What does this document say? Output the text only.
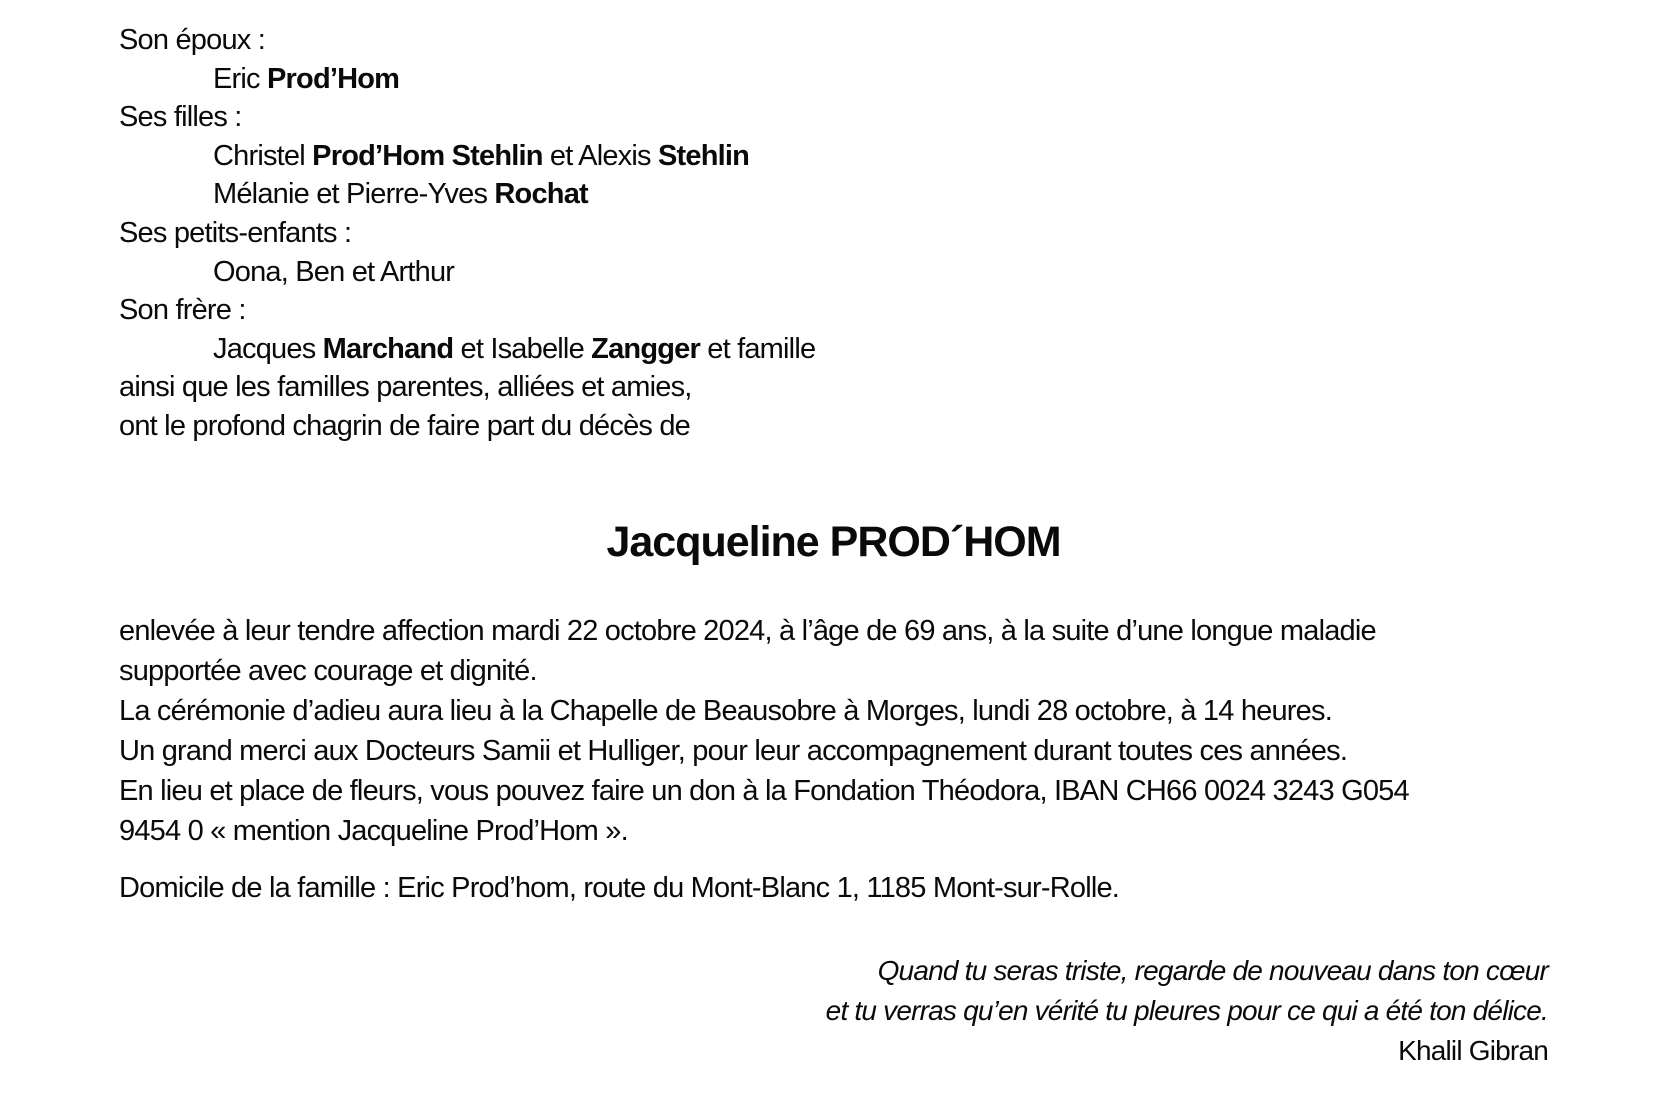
Son époux :
Eric Prod’Hom
Ses filles :
Christel Prod’Hom Stehlin et Alexis Stehlin
Mélanie et Pierre-Yves Rochat
Ses petits-enfants :
Oona, Ben et Arthur
Son frère :
Jacques Marchand et Isabelle Zangger et famille
ainsi que les familles parentes, alliées et amies,
ont le profond chagrin de faire part du décès de
Jacqueline PROD´HOM
enlevée à leur tendre affection mardi 22 octobre 2024, à l’âge de 69 ans, à la suite d’une longue maladie
supportée avec courage et dignité.
La cérémonie d’adieu aura lieu à la Chapelle de Beausobre à Morges, lundi 28 octobre, à 14 heures.
Un grand merci aux Docteurs Samii et Hulliger, pour leur accompagnement durant toutes ces années.
En lieu et place de fleurs, vous pouvez faire un don à la Fondation Théodora, IBAN CH66 0024 3243 G054
9454 0 « mention Jacqueline Prod’Hom ».
Domicile de la famille : Eric Prod’hom, route du Mont-Blanc 1, 1185 Mont-sur-Rolle.
Quand tu seras triste, regarde de nouveau dans ton cœur
et tu verras qu’en vérité tu pleures pour ce qui a été ton délice.
Khalil Gibran
